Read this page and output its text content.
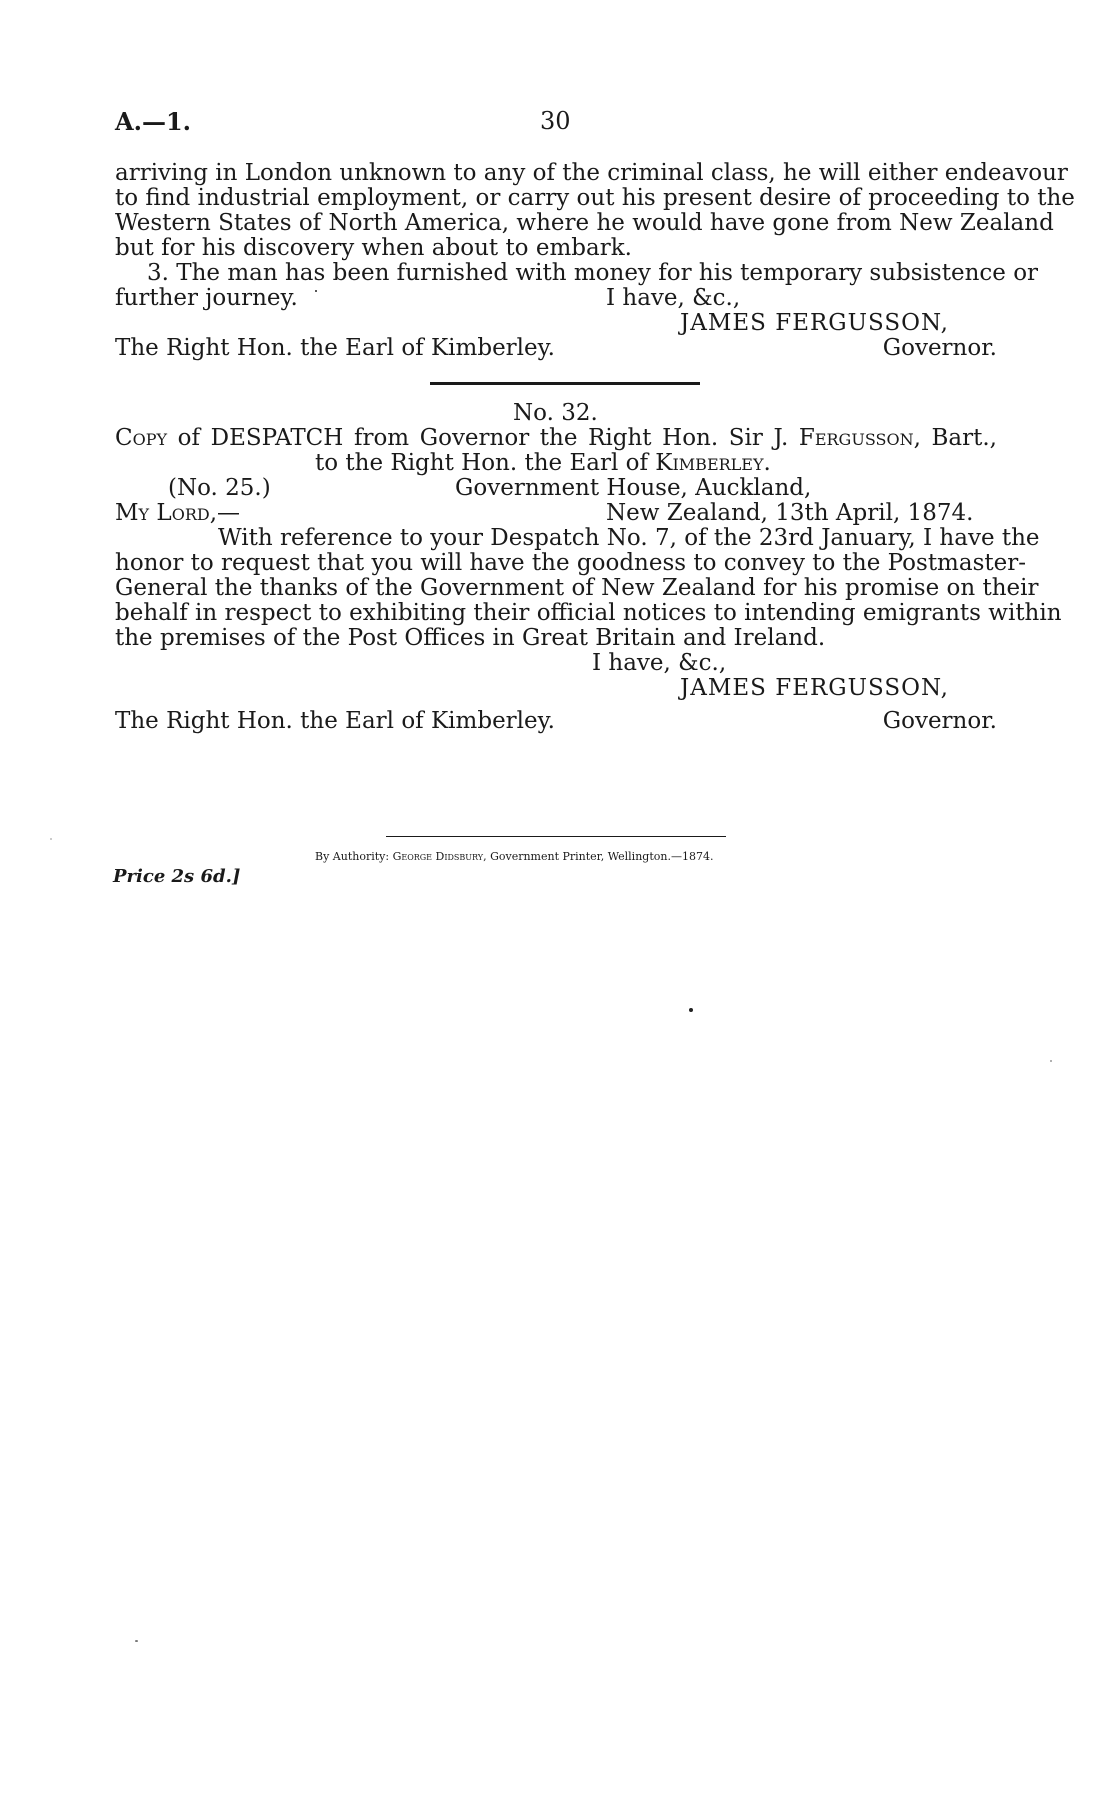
A.—1.	30
arriving in London unknown to any of the criminal class, he will either endeavour
to find industrial employment, or carry out his present desire of proceeding to the
Western States of North America, where he would have gone from New Zealand
but for his discovery when about to embark.
3. The man has been furnished with money for his temporary subsistence or
further journey.	I have, &c.,
JAMES FERGUSSON,
The Right Hon. the Earl of Kimberley.	Governor.
No. 32.
Copy of DESPATCH from Governor the Right Hon. Sir J. Fergusson, Bart.,
to the Right Hon. the Earl of Kimberley.
(No. 25.)	Government House, Auckland,
My Lord,—	New Zealand, 13th April, 1874.
With reference to your Despatch No. 7, of the 23rd January, I have the
honor to request that you will have the goodness to convey to the Postmaster-
General the thanks of the Government of New Zealand for his promise on their
behalf in respect to exhibiting their official notices to intending emigrants within
the premises of the Post Offices in Great Britain and Ireland.
I have, &c.,
JAMES FERGUSSON,
The Right Hon. the Earl of Kimberley.	Governor.
By Authority: George Didsbury, Government Printer, Wellington.—1874.
Price 2s 6d.]
